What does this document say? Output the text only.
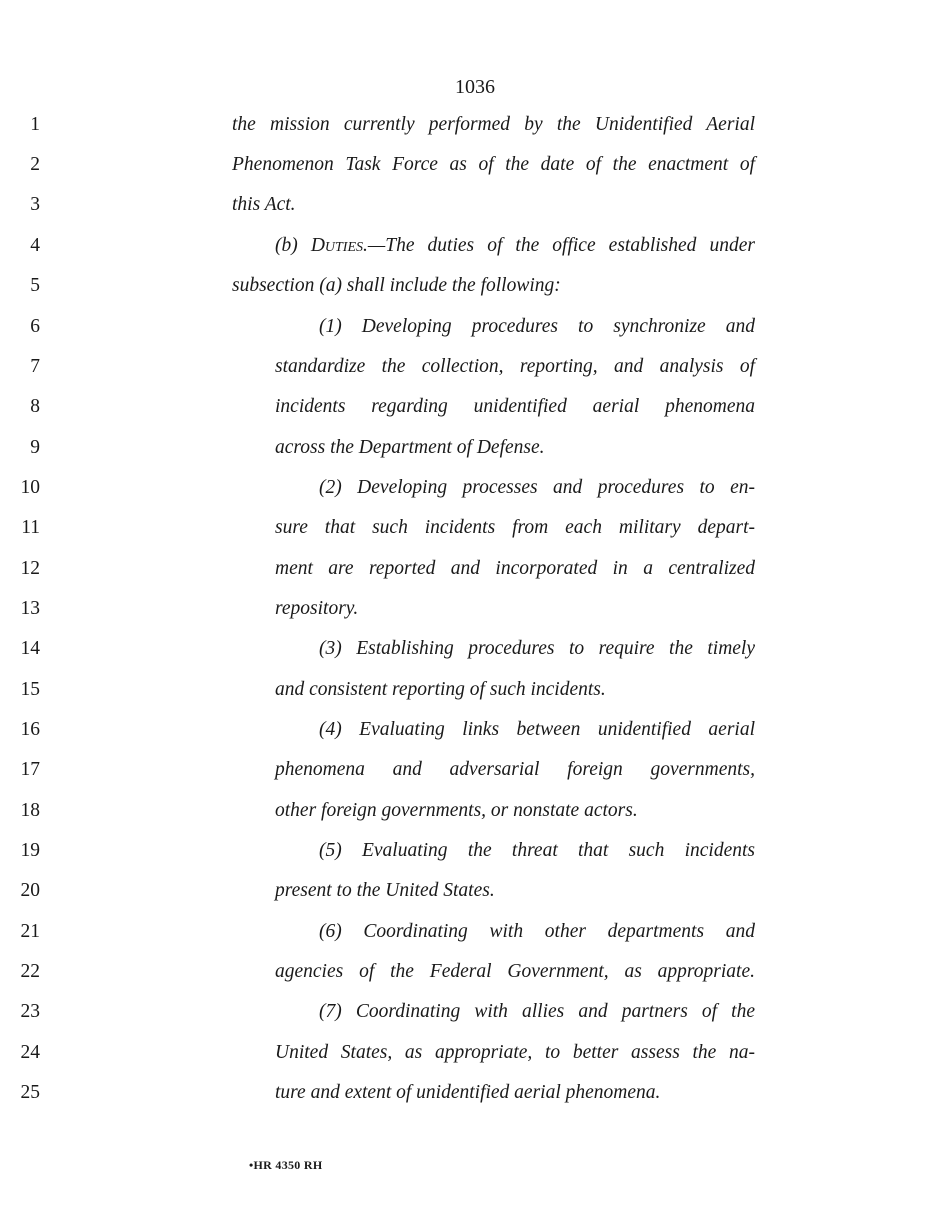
1036
1	the mission currently performed by the Unidentified Aerial
2	Phenomenon Task Force as of the date of the enactment of
3	this Act.
4	(b) Duties.—The duties of the office established under
5	subsection (a) shall include the following:
6	(1) Developing procedures to synchronize and
7	standardize the collection, reporting, and analysis of
8	incidents regarding unidentified aerial phenomena
9	across the Department of Defense.
10	(2) Developing processes and procedures to en-
11	sure that such incidents from each military depart-
12	ment are reported and incorporated in a centralized
13	repository.
14	(3) Establishing procedures to require the timely
15	and consistent reporting of such incidents.
16	(4) Evaluating links between unidentified aerial
17	phenomena and adversarial foreign governments,
18	other foreign governments, or nonstate actors.
19	(5) Evaluating the threat that such incidents
20	present to the United States.
21	(6) Coordinating with other departments and
22	agencies of the Federal Government, as appropriate.
23	(7) Coordinating with allies and partners of the
24	United States, as appropriate, to better assess the na-
25	ture and extent of unidentified aerial phenomena.
•HR 4350 RH
